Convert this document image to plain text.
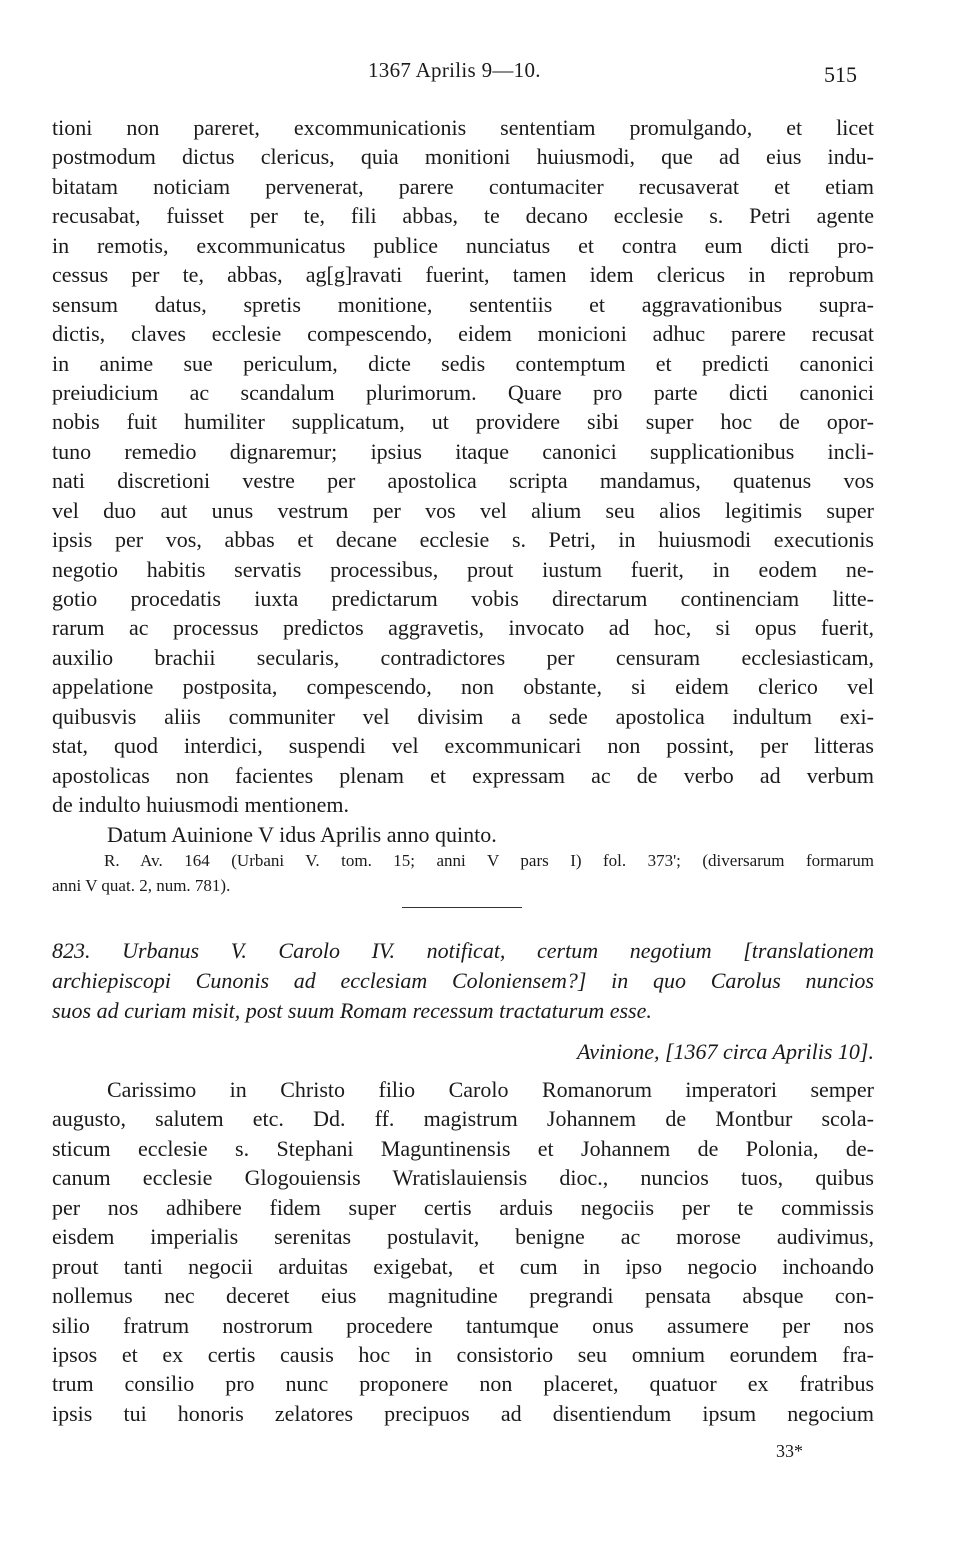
1367 Aprilis 9—10.	515
tioni non pareret, excommunicationis sententiam promulgando, et licet
postmodum dictus clericus, quia monitioni huiusmodi, que ad eius indu-
bitatam noticiam pervenerat, parere contumaciter recusaverat et etiam
recusabat, fuisset per te, fili abbas, te decano ecclesie s. Petri agente
in remotis, excommunicatus publice nunciatus et contra eum dicti pro-
cessus per te, abbas, ag[g]ravati fuerint, tamen idem clericus in reprobum
sensum datus, spretis monitione, sententiis et aggravationibus supra-
dictis, claves ecclesie compescendo, eidem monicioni adhuc parere recusat
in anime sue periculum, dicte sedis contemptum et predicti canonici
preiudicium ac scandalum plurimorum. Quare pro parte dicti canonici
nobis fuit humiliter supplicatum, ut providere sibi super hoc de opor-
tuno remedio dignaremur; ipsius itaque canonici supplicationibus incli-
nati discretioni vestre per apostolica scripta mandamus, quatenus vos
vel duo aut unus vestrum per vos vel alium seu alios legitimis super
ipsis per vos, abbas et decane ecclesie s. Petri, in huiusmodi executionis
negotio habitis servatis processibus, prout iustum fuerit, in eodem ne-
gotio procedatis iuxta predictarum vobis directarum continenciam litte-
rarum ac processus predictos aggravetis, invocato ad hoc, si opus fuerit,
auxilio brachii secularis, contradictores per censuram ecclesiasticam,
appelatione postposita, compescendo, non obstante, si eidem clerico vel
quibusvis aliis communiter vel divisim a sede apostolica indultum exi-
stat, quod interdici, suspendi vel excommunicari non possint, per litteras
apostolicas non facientes plenam et expressam ac de verbo ad verbum
de indulto huiusmodi mentionem.
Datum Auinione V idus Aprilis anno quinto.
R. Av. 164 (Urbani V. tom. 15; anni V pars I) fol. 373'; (diversarum formarum
anni V quat. 2, num. 781).
823. Urbanus V. Carolo IV. notificat, certum negotium [translationem
archiepiscopi Cunonis ad ecclesiam Coloniensem?] in quo Carolus nuncios
suos ad curiam misit, post suum Romam recessum tractaturum esse.
Avinione, [1367 circa Aprilis 10].
Carissimo in Christo filio Carolo Romanorum imperatori semper
augusto, salutem etc. Dd. ff. magistrum Johannem de Montbur scola-
sticum ecclesie s. Stephani Maguntinensis et Johannem de Polonia, de-
canum ecclesie Glogouiensis Wratislauiensis dioc., nuncios tuos, quibus
per nos adhibere fidem super certis arduis negociis per te commissis
eisdem imperialis serenitas postulavit, benigne ac morose audivimus,
prout tanti negocii arduitas exigebat, et cum in ipso negocio inchoando
nollemus nec deceret eius magnitudine pregrandi pensata absque con-
silio fratrum nostrorum procedere tantumque onus assumere per nos
ipsos et ex certis causis hoc in consistorio seu omnium eorundem fra-
trum consilio pro nunc proponere non placeret, quatuor ex fratribus
ipsis tui honoris zelatores precipuos ad disentiendum ipsum negocium
33*
